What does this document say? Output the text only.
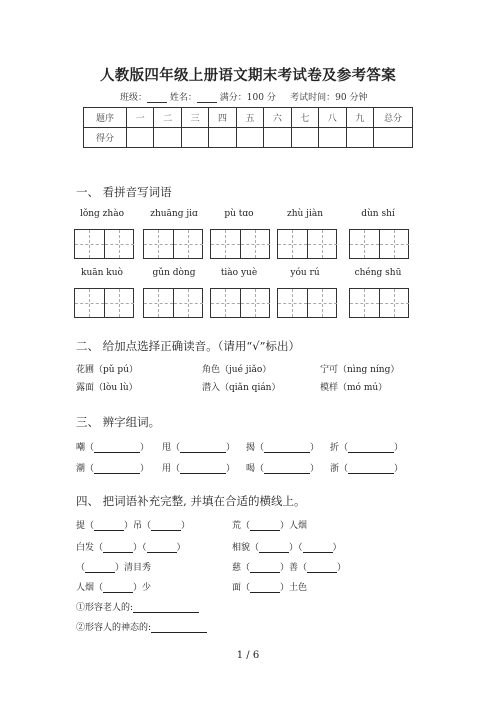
人教版四年级上册语文期末考试卷及参考答案
班级：	姓名：	满分：100 分 考试时间：90 分钟
题序	一	二	三	四	五	六	七	八	九	总分
得分										
一、 看拼音写词语
lǒng zhào	zhuāng jiɑ	pù tɑo	zhù jiàn	dùn shí
kuān kuò	gǔn dòng	tiào yuè	yóu rú	chéng shū
二、 给加点选择正确读音。（请用“√”标出）
花圃（pǔ pú）	角色（jué jiǎo）	宁可（nìng níng）
露面（lòu lù）	潜入（qiǎn qián）	模样（mó mú）
三、 辨字组词。
嘲（	） 甩（	） 揭（	） 折（	）
潮（	） 用（	） 喝（	） 浙（	）
四、 把词语补充完整, 并填在合适的横线上。
提（	）吊（	）
白发（	）（	）
（	）清目秀
人烟（	）少
荒（	）人烟
相貌（	）（	）
慈（	）善（	）
面（	）土色
①形容老人的:
②形容人的神态的:
1 / 6
